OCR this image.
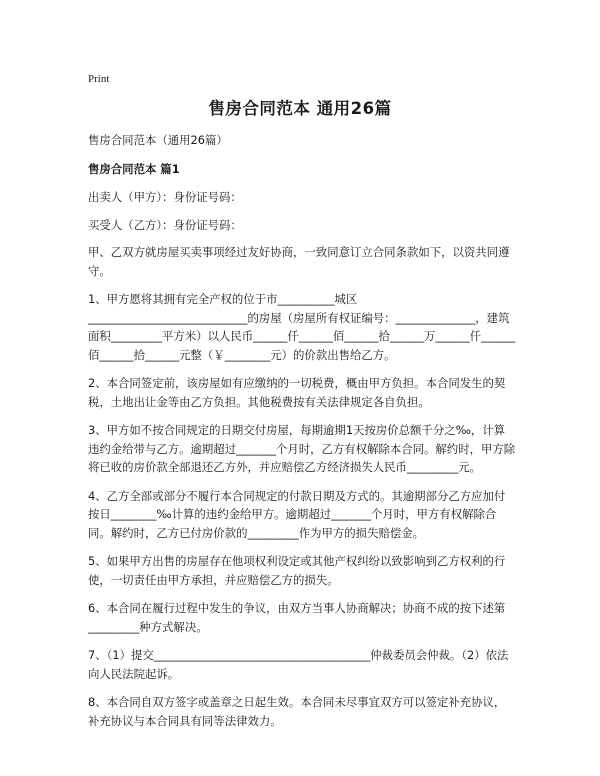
Print
售房合同范本 通用26篇

售房合同范本（通用26篇）

售房合同范本 篇1

出卖人（甲方）：身份证号码：

买受人（乙方）：身份证号码：

甲、乙双方就房屋买卖事项经过友好协商，一致同意订立合同条款如下，以资共同遵守。

1、甲方愿将其拥有完全产权的位于市__________城区____________________________的房屋（房屋所有权证编号：______________，建筑面积_________平方米）以人民币______仟______佰______拾______万______仟______佰______拾______元整（￥________元）的价款出售给乙方。

2、本合同签定前，该房屋如有应缴纳的一切税费，概由甲方负担。本合同发生的契税，土地出让金等由乙方负担。其他税费按有关法律规定各自负担。

3、甲方如不按合同规定的日期交付房屋，每期逾期1天按房价总额千分之‰，计算违约金给带与乙方。逾期超过_______个月时，乙方有权解除本合同。解约时，甲方除将已收的房价款全部退还乙方外，并应赔偿乙方经济损失人民币_________元。

4、乙方全部或部分不履行本合同规定的付款日期及方式的。其逾期部分乙方应加付按日________‰计算的违约金给甲方。逾期超过_______个月时，甲方有权解除合同。解约时，乙方已付房价款的_________作为甲方的损失赔偿金。

5、如果甲方出售的房屋存在他项权利设定或其他产权纠纷以致影响到乙方权利的行使，一切责任由甲方承担，并应赔偿乙方的损失。

6、本合同在履行过程中发生的争议，由双方当事人协商解决；协商不成的按下述第_________种方式解决。

7、（1）提交______________________________________仲裁委员会仲裁。（2）依法向人民法院起诉。

8、本合同自双方签字或盖章之日起生效。本合同未尽事宜双方可以签定补充协议，补充协议与本合同具有同等法律效力。
